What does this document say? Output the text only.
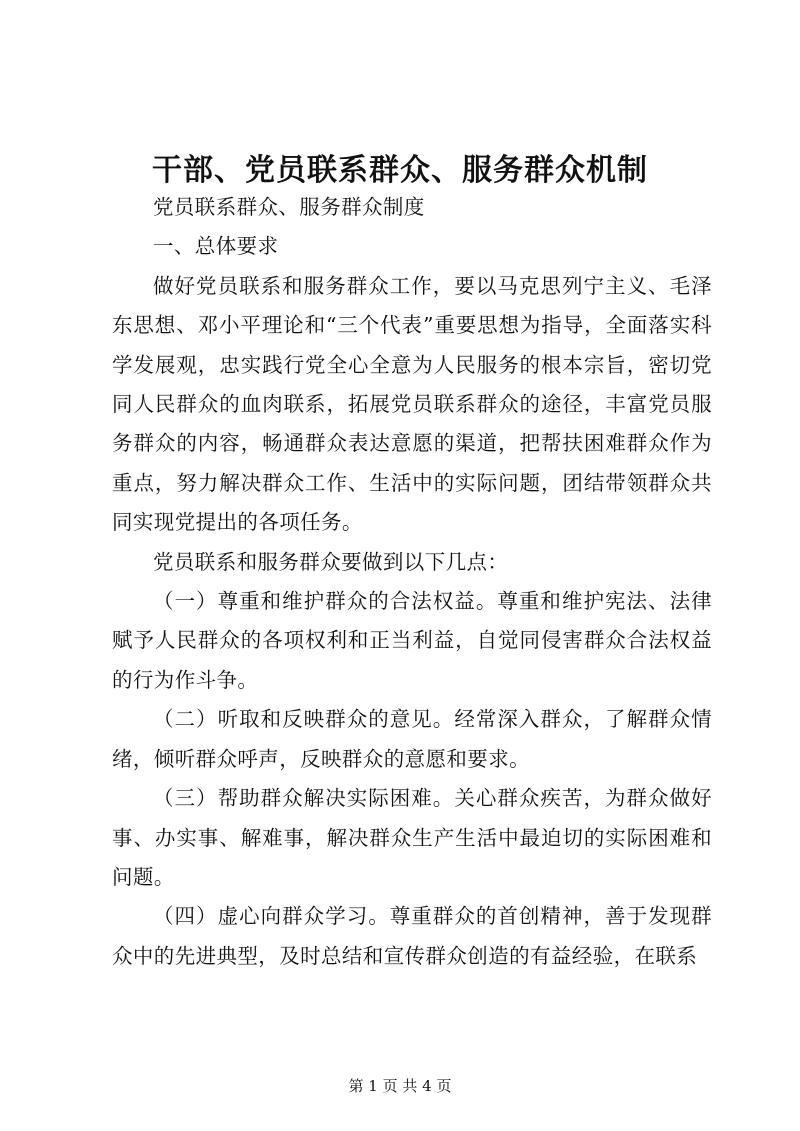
干部、党员联系群众、服务群众机制

党员联系群众、服务群众制度

一、总体要求

做好党员联系和服务群众工作，要以马克思列宁主义、毛泽东思想、邓小平理论和“三个代表”重要思想为指导，全面落实科学发展观，忠实践行党全心全意为人民服务的根本宗旨，密切党同人民群众的血肉联系，拓展党员联系群众的途径，丰富党员服务群众的内容，畅通群众表达意愿的渠道，把帮扶困难群众作为重点，努力解决群众工作、生活中的实际问题，团结带领群众共同实现党提出的各项任务。

党员联系和服务群众要做到以下几点：

（一）尊重和维护群众的合法权益。尊重和维护宪法、法律赋予人民群众的各项权利和正当利益，自觉同侵害群众合法权益的行为作斗争。

（二）听取和反映群众的意见。经常深入群众，了解群众情绪，倾听群众呼声，反映群众的意愿和要求。

（三）帮助群众解决实际困难。关心群众疾苦，为群众做好事、办实事、解难事，解决群众生产生活中最迫切的实际困难和问题。

（四）虚心向群众学习。尊重群众的首创精神，善于发现群众中的先进典型，及时总结和宣传群众创造的有益经验，在联系

第 1 页 共 4 页
